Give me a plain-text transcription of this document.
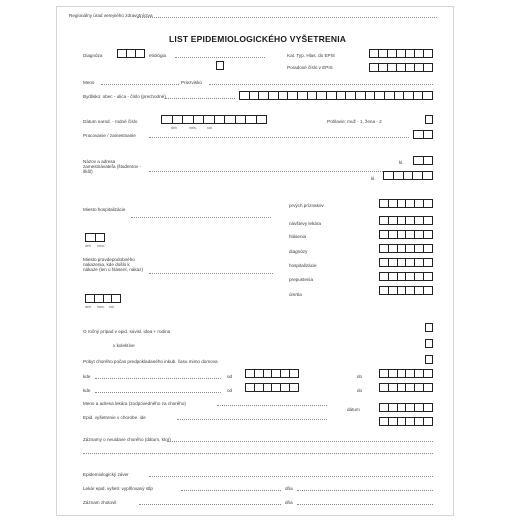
Regionálny úrad verejného zdravotníctva
LIST EPIDEMIOLOGICKÉHO VYŠETRENIA
Diagnóza	etiológia	Kat. Typ. Hlas. do EPIS
Poradové číslo v EPIS
Meno	Priezvisko
Bydlisko: obec - ulica - číslo (prechodné)
Dátum narod. - rodné číslo
deň	mes.	rok
Pohlavie: muž - 1, žena - 2
Pracovanie / zamestnanie
Názov a adresa zamestnávateľa (študentov - škôl)
kl.
kl.
Miesto hospitalizácie
prvých príznakov
návštevy lekára
hlásenia
diagnózy
hospitalizácie
prepustenia
úmrtia
deň mes.
Miesto pravdepodobného nakazenia, kde došlo k nákaze (len u hlásení, nákaz)
deň mes. rok
O ročný prípad v epid. súvisl. idea + rodina
v kolektíve
Pobyt chorého počas predpokladaného inkub. času mimo domova
kde	od	do
kde	od	do
Meno a adresa lekára (zodpovedného za chorého)
Epid. vyšetrenie v chorobe. ide
dátum
Záznamy o neuidave chorého (dátum, ktor)
Epidemiologický záver
Lekár epid. vyšetr. vyplňovaný stĺp	dňa
Záznam zhotovil	dňa
